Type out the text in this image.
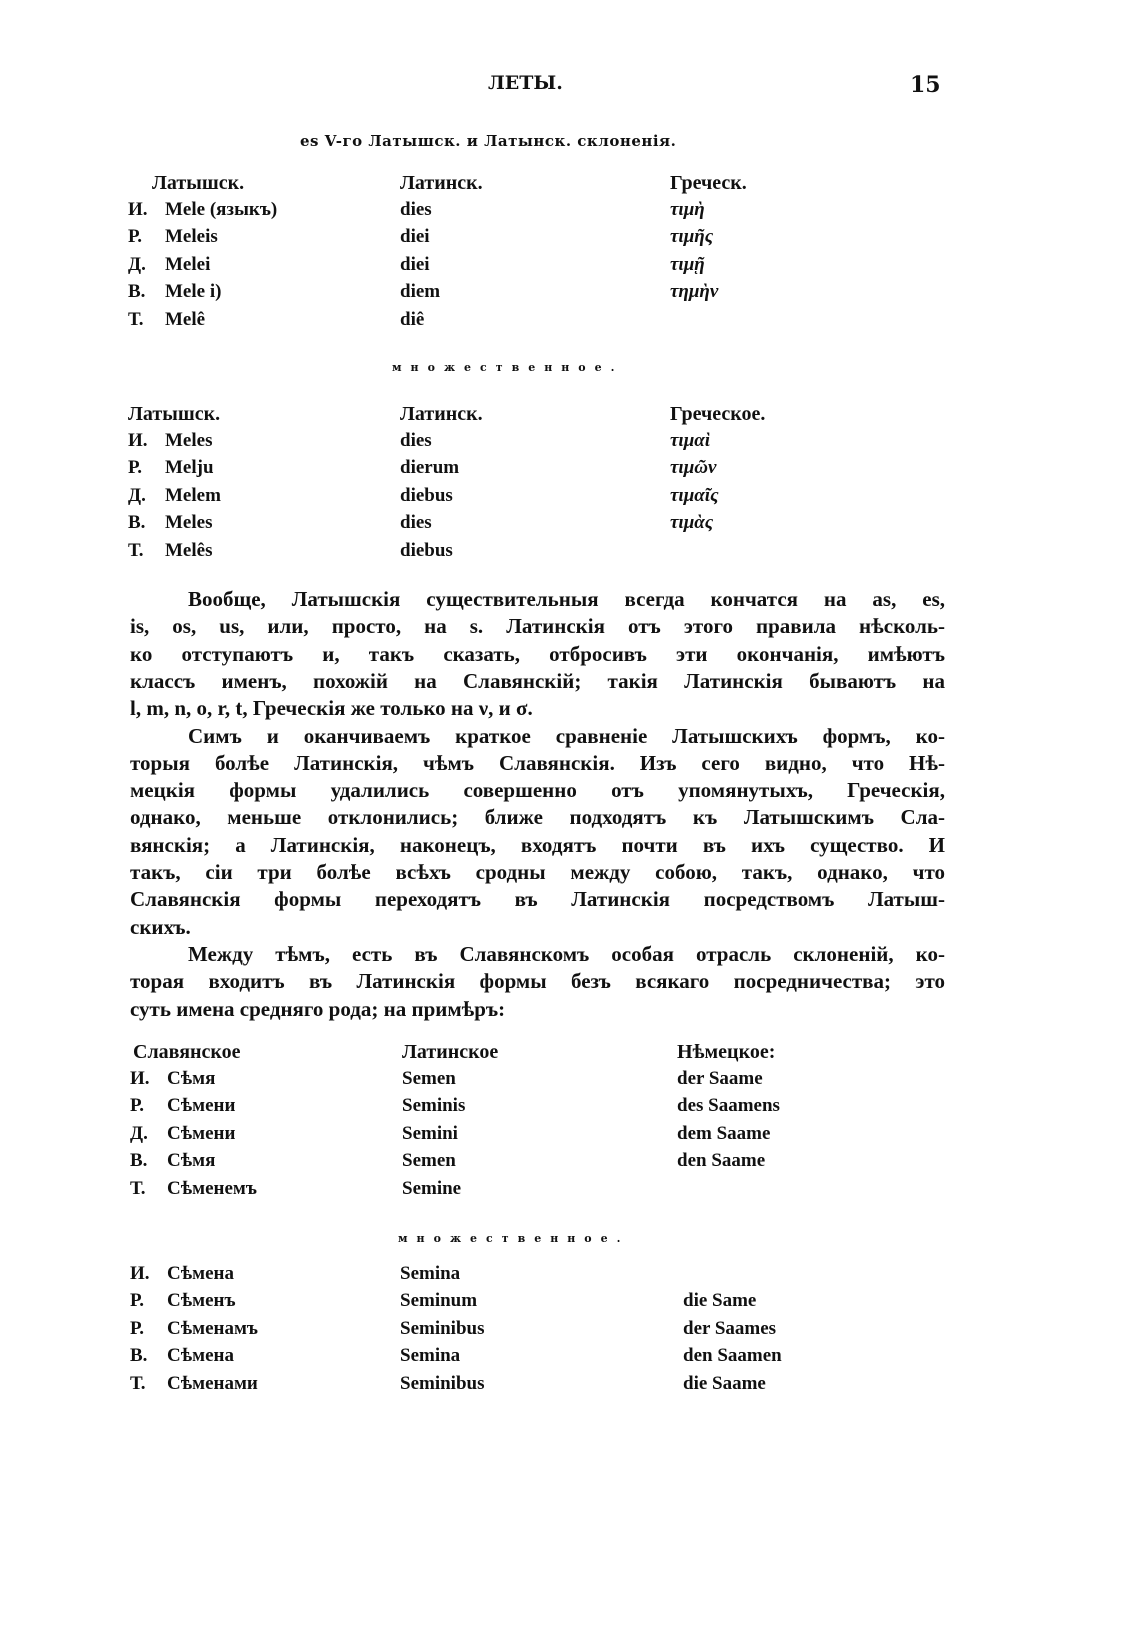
ЛЕТЫ.	15
es V-го Латышск. и Латынск. склоненія.
Латышск.	Латинск.	Греческ.
И. Mele (языкъ)	dies	τιμὴ
Р. Meleis	diei	τιμῆς
Д. Melei	diei	τιμῇ
В. Mele i)	diem	τημὴν
Т. Melê	diê
множественное.
Латышск.	Латинск.	Греческое.
И. Meles	dies	τιμαὶ
Р. Melju	dierum	τιμῶν
Д. Melem	diebus	τιμαῖς
В. Meles	dies	τιμὰς
Т. Melês	diebus
Вообще, Латышскія существительныя всегда кончатся на as, es,
is, os, us, или, просто, на s. Латинскія отъ этого правила нѣсколь-
ко отступаютъ и, такъ сказать, отбросивъ эти окончанія, имѣютъ
классъ именъ, похожій на Славянскій; такія Латинскія бываютъ на
l, m, n, o, r, t, Греческія же только на ν, и σ.
Симъ и оканчиваемъ краткое сравненіе Латышскихъ формъ, ко-
торыя болѣе Латинскія, чѣмъ Славянскія. Изъ сего видно, что Нѣ-
мецкія формы удалились совершенно отъ упомянутыхъ, Греческія,
однако, меньше отклонились; ближе подходятъ къ Латышскимъ Сла-
вянскія; а Латинскія, наконецъ, входятъ почти въ ихъ существо. И
такъ, сіи три болѣе всѣхъ сродны между собою, такъ, однако, что
Славянскія формы переходятъ въ Латинскія посредствомъ Латыш-
скихъ.
Между тѣмъ, есть въ Славянскомъ особая отрасль склоненій, ко-
торая входитъ въ Латинскія формы безъ всякаго посредничества; это
суть имена средняго рода; на примѣръ:
Славянское	Латинское	Нѣмецкое:
И. Сѣмя	Semen	der Saame
Р. Сѣмени	Seminis	des Saamens
Д. Сѣмени	Semini	dem Saame
В. Сѣмя	Semen	den Saame
Т. Сѣменемъ	Semine
множественное.
И. Сѣмена	Semina
Р. Сѣменъ	Seminum	die Same
Р. Сѣменамъ	Seminibus	der Saames
В. Сѣмена	Semina	den Saamen
Т. Сѣменами	Seminibus	die Saame
